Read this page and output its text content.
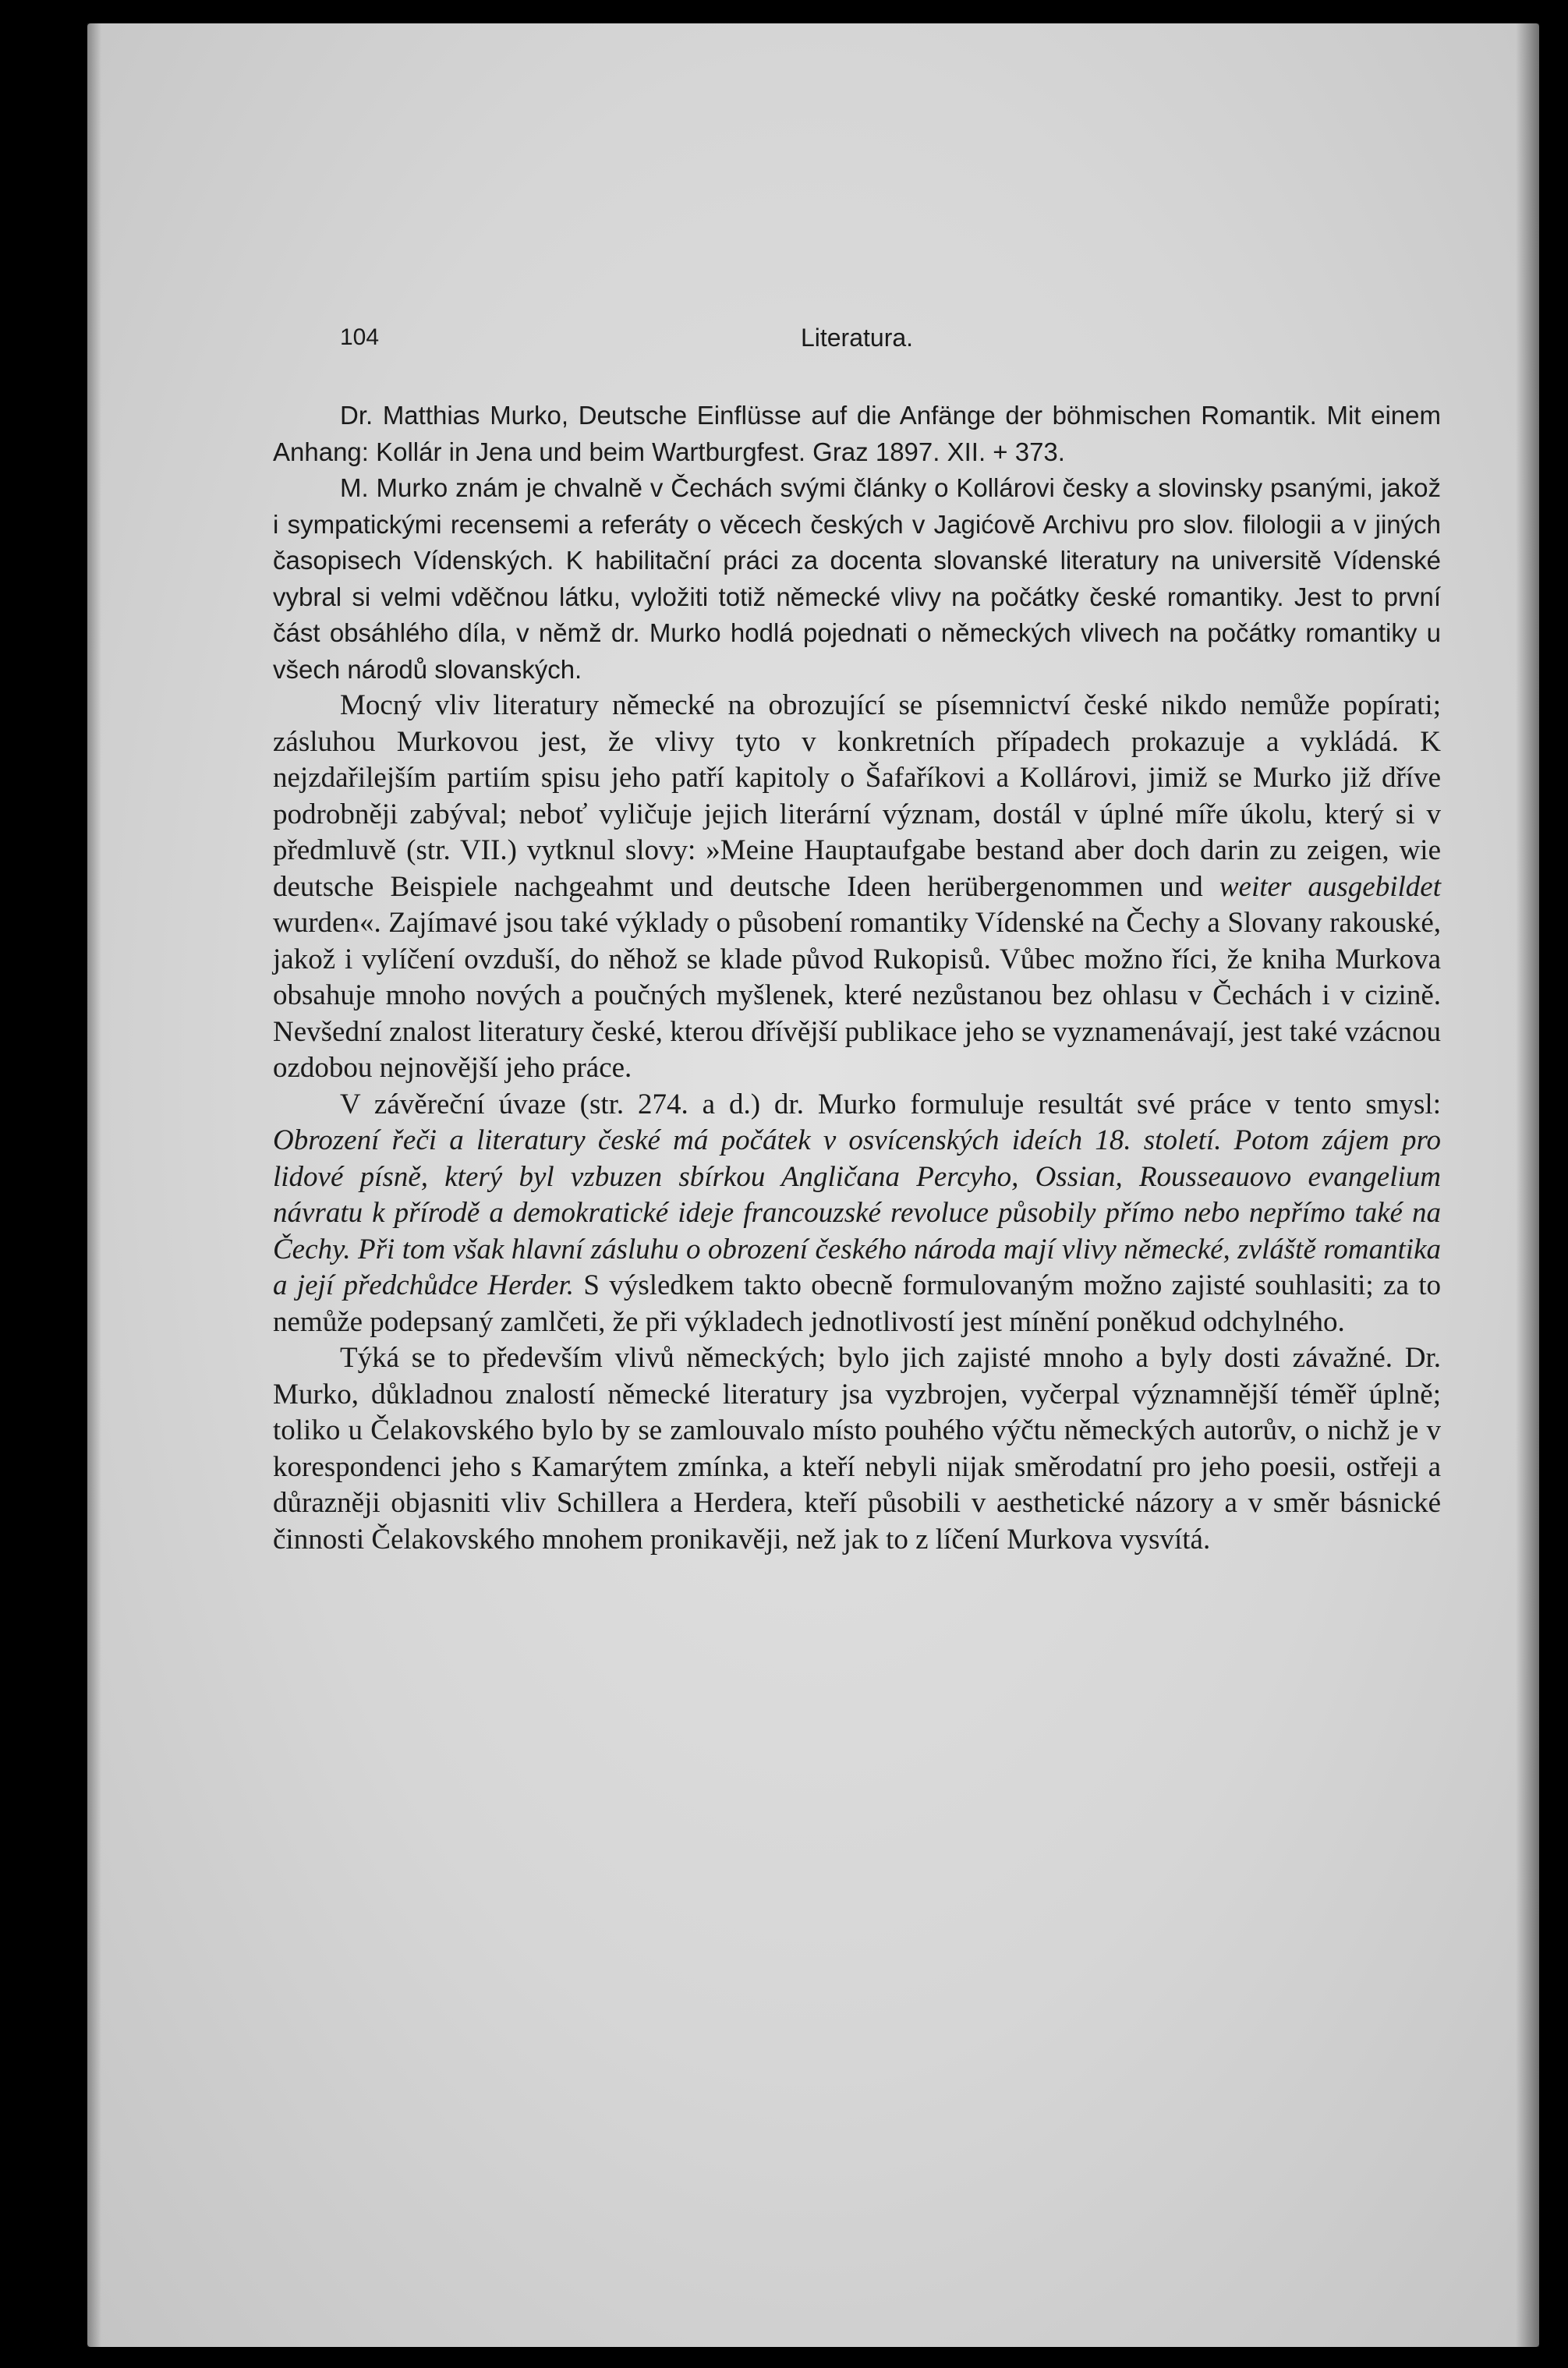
104	Literatura.

Dr. Matthias Murko, Deutsche Einflüsse auf die Anfänge der böhmischen Romantik. Mit einem Anhang: Kollár in Jena und beim Wartburgfest. Graz 1897. XII. + 373.

M. Murko znám je chvalně v Čechách svými články o Kollárovi česky a slovinsky psanými, jakož i sympatickými recensemi a referáty o věcech českých v Jagićově Archivu pro slov. filologii a v jiných časopisech Vídenských. K habilitační práci za docenta slovanské literatury na universitě Vídenské vybral si velmi vděčnou látku, vyložiti totiž německé vlivy na počátky české romantiky. Jest to první část obsáhlého díla, v němž dr. Murko hodlá pojednati o německých vlivech na počátky romantiky u všech národů slovanských.

Mocný vliv literatury německé na obrozující se písemnictví české nikdo nemůže popírati; zásluhou Murkovou jest, že vlivy tyto v konkretních případech prokazuje a vykládá. K nejzdařilejším partiím spisu jeho patří kapitoly o Šafaříkovi a Kollárovi, jimiž se Murko již dříve podrobněji zabýval; neboť vyličuje jejich literární význam, dostál v úplné míře úkolu, který si v předmluvě (str. VII.) vytknul slovy: »Meine Hauptaufgabe bestand aber doch darin zu zeigen, wie deutsche Beispiele nachgeahmt und deutsche Ideen herübergenommen und weiter ausgebildet wurden«. Zajímavé jsou také výklady o působení romantiky Vídenské na Čechy a Slovany rakouské, jakož i vylíčení ovzduší, do něhož se klade původ Rukopisů. Vůbec možno říci, že kniha Murkova obsahuje mnoho nových a poučných myšlenek, které nezůstanou bez ohlasu v Čechách i v cizině. Nevšední znalost literatury české, kterou dřívější publikace jeho se vyznamenávají, jest také vzácnou ozdobou nejnovější jeho práce.

V závěreční úvaze (str. 274. a d.) dr. Murko formuluje resultát své práce v tento smysl: Obrození řeči a literatury české má počátek v osvícenských ideích 18. století. Potom zájem pro lidové písně, který byl vzbuzen sbírkou Angličana Percyho, Ossian, Rousseauovo evangelium návratu k přírodě a demokratické ideje francouzské revoluce působily přímo nebo nepřímo také na Čechy. Při tom však hlavní zásluhu o obrození českého národa mají vlivy německé, zvláště romantika a její předchůdce Herder. S výsledkem takto obecně formulovaným možno zajisté souhlasiti; za to nemůže podepsaný zamlčeti, že při výkladech jednotlivostí jest mínění poněkud odchylného.

Týká se to především vlivů německých; bylo jich zajisté mnoho a byly dosti závažné. Dr. Murko, důkladnou znalostí německé literatury jsa vyzbrojen, vyčerpal významnější téměř úplně; toliko u Čelakovského bylo by se zamlouvalo místo pouhého výčtu německých autorův, o nichž je v korespondenci jeho s Kamarýtem zmínka, a kteří nebyli nijak směrodatní pro jeho poesii, ostřeji a důrazněji objasniti vliv Schillera a Herdera, kteří působili v aesthetické názory a v směr básnické činnosti Čelakovského mnohem pronikavěji, než jak to z líčení Murkova vysvítá.
